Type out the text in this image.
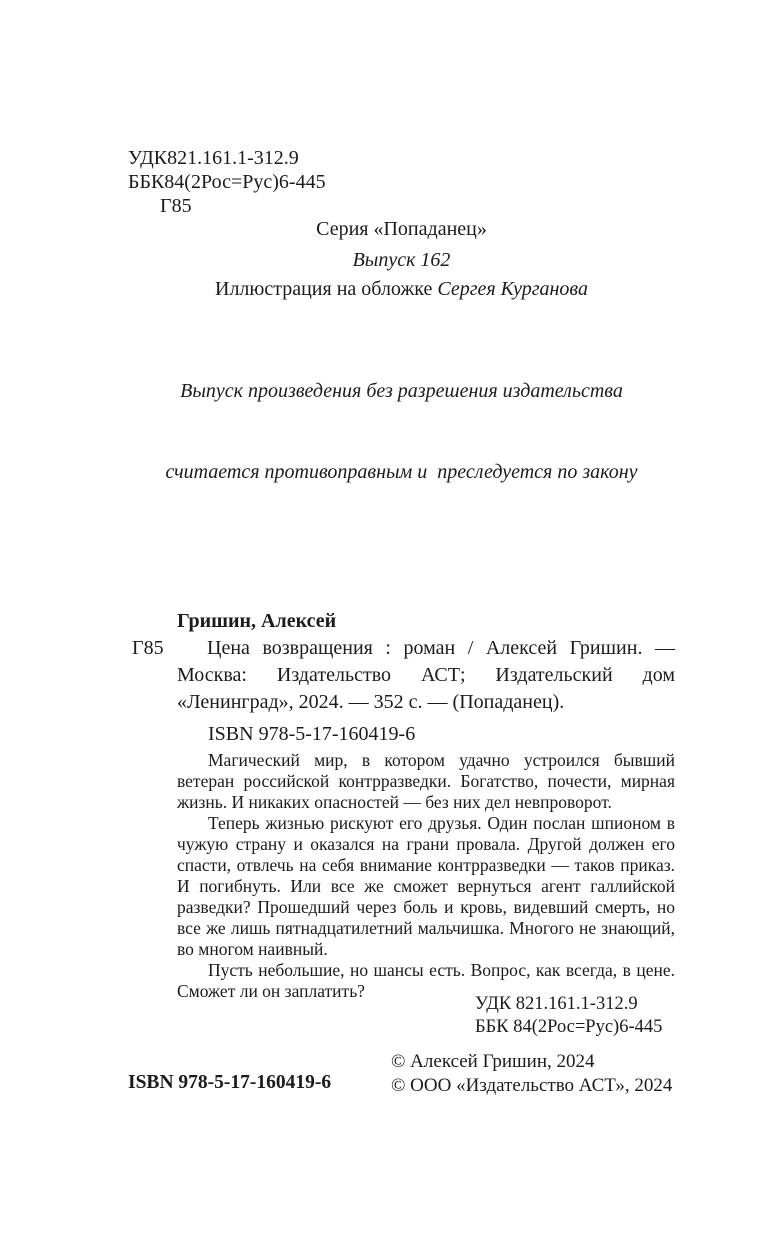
УДК821.161.1-312.9
ББК84(2Рос=Рус)6-445
Г85
Серия «Попаданец»
Выпуск 162
Иллюстрация на обложке Сергея Курганова

Выпуск произведения без разрешения издательства

считается противоправным и  преследуется по закону

Гришин, Алексей
Г85	Цена возвращения : роман / Алексей Гришин. — Москва: Издательство АСТ; Издательский дом «Ленинград», 2024. — 352 с. — (Попаданец).

ISBN 978-5-17-160419-6

Магический мир, в котором удачно устроился бывший ветеран российской контрразведки. Богатство, почести, мирная жизнь. И никаких опасностей — без них дел невпроворот.

Теперь жизнью рискуют его друзья. Один послан шпионом в чужую страну и оказался на грани провала. Другой должен его спасти, отвлечь на себя внимание контрразведки — таков приказ. И погибнуть. Или все же сможет вернуться агент галлийской разведки? Прошедший через боль и кровь, видевший смерть, но все же лишь пятнадцатилетний мальчишка. Многого не знающий, во многом наивный.

Пусть небольшие, но шансы есть. Вопрос, как всегда, в цене. Сможет ли он заплатить?

УДК 821.161.1-312.9
ББК 84(2Рос=Рус)6-445
© Алексей Гришин, 2024
© ООО «Издательство АСТ», 2024
ISBN 978-5-17-160419-6
